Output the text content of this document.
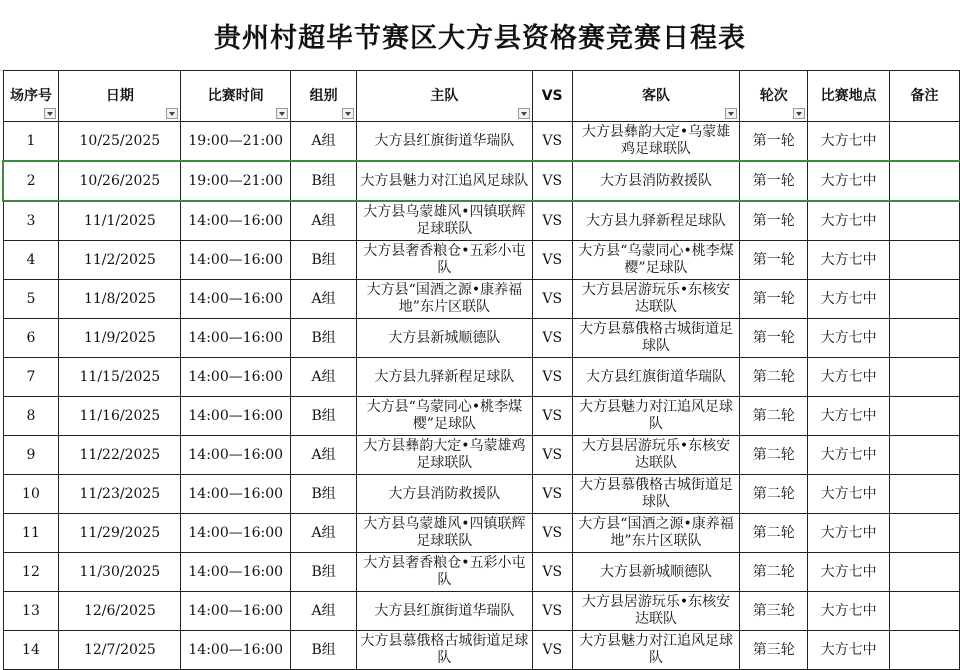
贵州村超毕节赛区大方县资格赛竞赛日程表
场序号	日期	比赛时间	组别	主队	VS	客队	轮次	比赛地点	备注
1	10/25/2025	19:00—21:00	A组	大方县红旗街道华瑞队	VS	大方县彝韵大定•乌蒙雄鸡足球联队	第一轮	大方七中	
2	10/26/2025	19:00—21:00	B组	大方县魅力对江追风足球队	VS	大方县消防救援队	第一轮	大方七中	
3	11/1/2025	14:00—16:00	A组	大方县乌蒙雄风•四镇联辉足球联队	VS	大方县九驿新程足球队	第一轮	大方七中	
4	11/2/2025	14:00—16:00	B组	大方县奢香粮仓•五彩小屯队	VS	大方县“乌蒙同心•桃李煤樱”足球队	第一轮	大方七中	
5	11/8/2025	14:00—16:00	A组	大方县“国酒之源•康养福地”东片区联队	VS	大方县居游玩乐•东核安达联队	第一轮	大方七中	
6	11/9/2025	14:00—16:00	B组	大方县新城顺德队	VS	大方县慕俄格古城街道足球队	第一轮	大方七中	
7	11/15/2025	14:00—16:00	A组	大方县九驿新程足球队	VS	大方县红旗街道华瑞队	第二轮	大方七中	
8	11/16/2025	14:00—16:00	B组	大方县“乌蒙同心•桃李煤樱”足球队	VS	大方县魅力对江追风足球队	第二轮	大方七中	
9	11/22/2025	14:00—16:00	A组	大方县彝韵大定•乌蒙雄鸡足球联队	VS	大方县居游玩乐•东核安达联队	第二轮	大方七中	
10	11/23/2025	14:00—16:00	B组	大方县消防救援队	VS	大方县慕俄格古城街道足球队	第二轮	大方七中	
11	11/29/2025	14:00—16:00	A组	大方县乌蒙雄风•四镇联辉足球联队	VS	大方县“国酒之源•康养福地”东片区联队	第二轮	大方七中	
12	11/30/2025	14:00—16:00	B组	大方县奢香粮仓•五彩小屯队	VS	大方县新城顺德队	第二轮	大方七中	
13	12/6/2025	14:00—16:00	A组	大方县红旗街道华瑞队	VS	大方县居游玩乐•东核安达联队	第三轮	大方七中	
14	12/7/2025	14:00—16:00	B组	大方县慕俄格古城街道足球队	VS	大方县魅力对江追风足球队	第三轮	大方七中	
